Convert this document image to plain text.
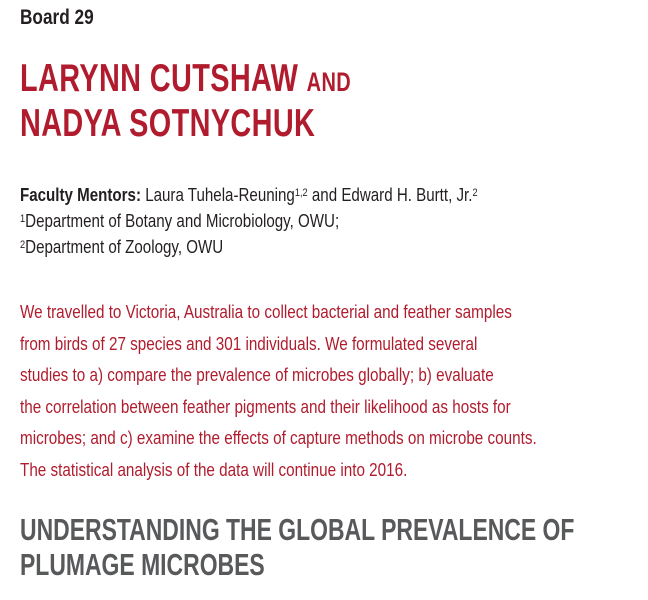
Board 29
LARYNN CUTSHAW AND
NADYA SOTNYCHUK
Faculty Mentors: Laura Tuhela-Reuning$^{1,2}$ and Edward H. Burtt, Jr.$^2$
$^1$Department of Botany and Microbiology, OWU;
$^2$Department of Zoology, OWU
We travelled to Victoria, Australia to collect bacterial and feather samples
from birds of 27 species and 301 individuals. We formulated several
studies to a) compare the prevalence of microbes globally; b) evaluate
the correlation between feather pigments and their likelihood as hosts for
microbes; and c) examine the effects of capture methods on microbe counts.
The statistical analysis of the data will continue into 2016.
UNDERSTANDING THE GLOBAL PREVALENCE OF
PLUMAGE MICROBES
